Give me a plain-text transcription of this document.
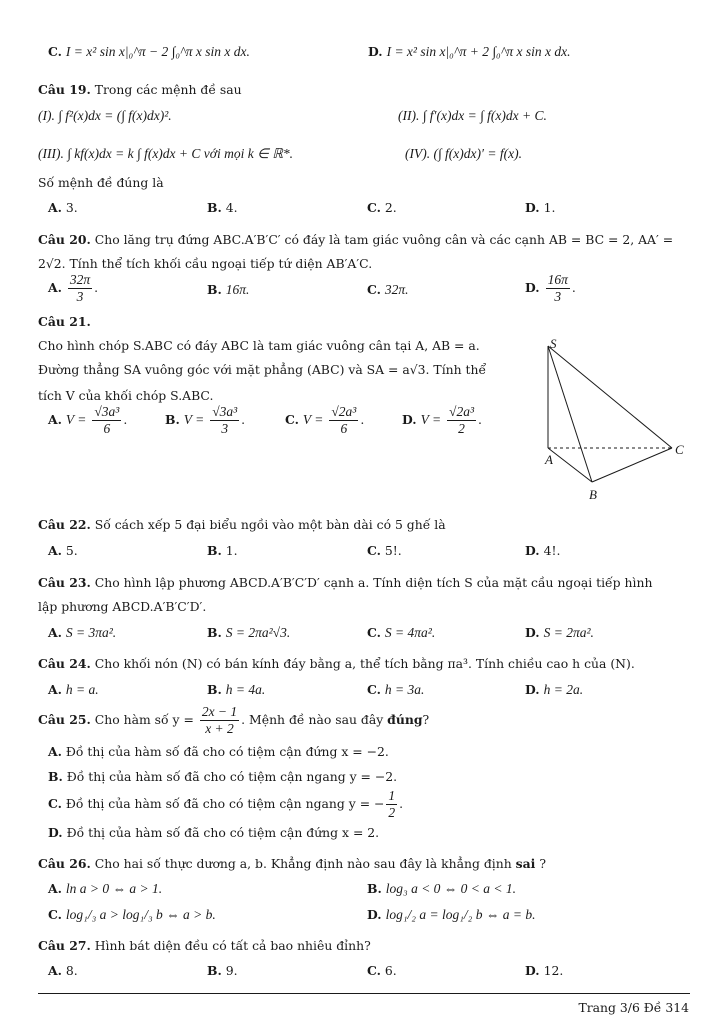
C. I = x² sin x|₀^π − 2 ∫₀^π x sin x dx.	D. I = x² sin x|₀^π + 2 ∫₀^π x sin x dx.
Câu 19. Trong các mệnh đề sau
(I). ∫ f²(x)dx = (∫ f(x)dx)².	(II). ∫ f′(x)dx = ∫ f(x)dx + C.
(III). ∫ kf(x)dx = k ∫ f(x)dx + C với mọi k ∈ ℝ*.	(IV). (∫ f(x)dx)′ = f(x).
Số mệnh đề đúng là
A. 3.	B. 4.	C. 2.	D. 1.
Câu 20. Cho lăng trụ đứng ABC.A′B′C′ có đáy là tam giác vuông cân và các cạnh AB = BC = 2, AA′ =
2√2. Tính thể tích khối cầu ngoại tiếp tứ diện AB′A′C.
A. $\frac{32\pi}{3}$ .	B. 16π.	C. 32π.	D. $\frac{16\pi}{3}$ .
Câu 21.
Cho hình chóp S.ABC có đáy ABC là tam giác vuông cân tại A, AB = a.
Đường thẳng SA vuông góc với mặt phẳng (ABC) và SA = a√3. Tính thể
tích V của khối chóp S.ABC.
A. $V = \frac{\text{√3a³}}{6}$ .	B. $V = \frac{\text{√3a³}}{3}$ .	C. $V = \frac{\text{√2a³}}{6}$ .	D. $V = \frac{\text{√2a³}}{2}$ .
S
A
B
C
Câu 22. Số cách xếp 5 đại biểu ngồi vào một bàn dài có 5 ghế là
A. 5.	B. 1.	C. 5!.	D. 4!.
Câu 23. Cho hình lập phương ABCD.A′B′C′D′ cạnh a. Tính diện tích S của mặt cầu ngoại tiếp hình
lập phương ABCD.A′B′C′D′.
A. S = 3πa².	B. S = 2πa²√3.	C. S = 4πa².	D. S = 2πa².
Câu 24. Cho khối nón (N) có bán kính đáy bằng a, thể tích bằng πa³. Tính chiều cao h của (N).
A. h = a.	B. h = 4a.	C. h = 3a.	D. h = 2a.
Câu 25. Cho hàm số $y = \frac{2x - 1}{x + 2}$ . Mệnh đề nào sau đây đúng?
A. Đồ thị của hàm số đã cho có tiệm cận đứng x = −2.
B. Đồ thị của hàm số đã cho có tiệm cận ngang y = −2.
C. Đồ thị của hàm số đã cho có tiệm cận ngang y = − $\frac{1}{2}$ .
D. Đồ thị của hàm số đã cho có tiệm cận đứng x = 2.
Câu 26. Cho hai số thực dương a, b. Khẳng định nào sau đây là khẳng định sai ?
A. ln a > 0 ⇔ a > 1.	B. log₃ a < 0 ⇔ 0 < a < 1.
C. log₁/₃ a > log₁/₃ b ⇔ a > b.	D. log₁/₂ a = log₁/₂ b ⇔ a = b.
Câu 27. Hình bát diện đều có tất cả bao nhiêu đỉnh?
A. 8.	B. 9.	C. 6.	D. 12.
Trang 3/6 Đề 314
